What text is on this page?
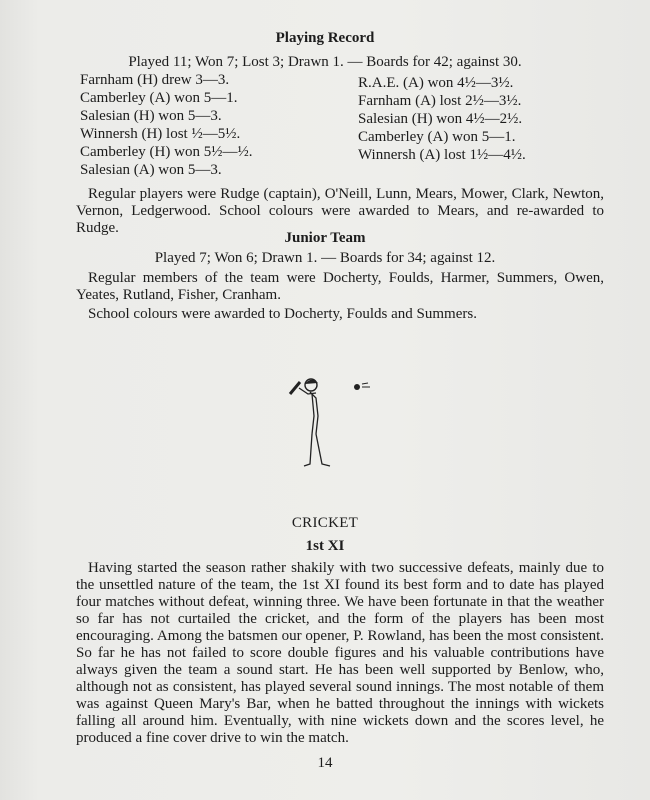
Playing Record
Played 11; Won 7; Lost 3; Drawn 1. — Boards for 42; against 30.
Farnham (H) drew 3—3.
Camberley (A) won 5—1.
Salesian (H) won 5—3.
Winnersh (H) lost ½—5½.
Camberley (H) won 5½—½.
Salesian (A) won 5—3.
R.A.E. (A) won 4½—3½.
Farnham (A) lost 2½—3½.
Salesian (H) won 4½—2½.
Camberley (A) won 5—1.
Winnersh (A) lost 1½—4½.

Regular players were Rudge (captain), O'Neill, Lunn, Mears, Mower, Clark, Newton, Vernon, Ledgerwood. School colours were awarded to Mears, and re-awarded to Rudge.

Junior Team
Played 7; Won 6; Drawn 1. — Boards for 34; against 12.

Regular members of the team were Docherty, Foulds, Harmer, Summers, Owen, Yeates, Rutland, Fisher, Cranham.

School colours were awarded to Docherty, Foulds and Summers.

CRICKET
1st XI

Having started the season rather shakily with two successive defeats, mainly due to the unsettled nature of the team, the 1st XI found its best form and to date has played four matches without defeat, winning three. We have been fortunate in that the weather so far has not curtailed the cricket, and the form of the players has been most encouraging. Among the batsmen our opener, P. Rowland, has been the most consistent. So far he has not failed to score double figures and his valuable contributions have always given the team a sound start. He has been well supported by Benlow, who, although not as consistent, has played several sound innings. The most notable of them was against Queen Mary's Bar, when he batted throughout the innings with wickets falling all around him. Eventually, with nine wickets down and the scores level, he produced a fine cover drive to win the match.

14
